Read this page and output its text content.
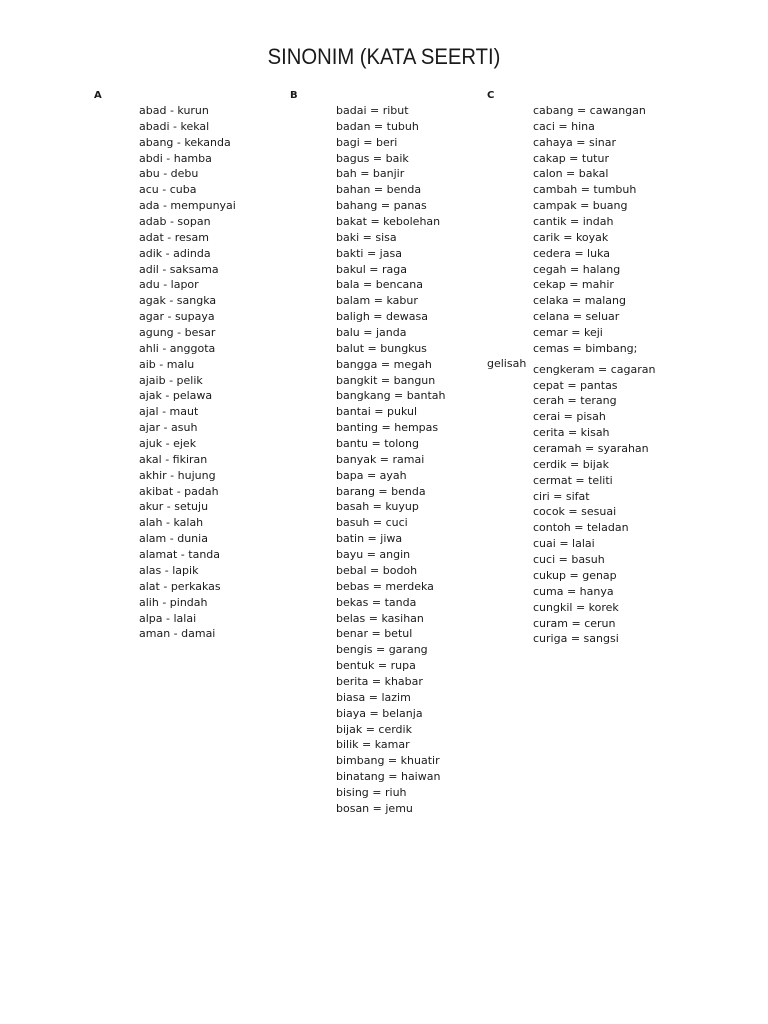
SINONIM (KATA SEERTI)
A	B	C
abad - kurun
abadi - kekal
abang - kekanda
abdi - hamba
abu - debu
acu - cuba
ada - mempunyai
adab - sopan
adat - resam
adik - adinda
adil - saksama
adu - lapor
agak - sangka
agar - supaya
agung - besar
ahli - anggota
aib - malu
ajaib - pelik
ajak - pelawa
ajal - maut
ajar - asuh
ajuk - ejek
akal - fikiran
akhir - hujung
akibat - padah
akur - setuju
alah - kalah
alam - dunia
alamat - tanda
alas - lapik
alat - perkakas
alih - pindah
alpa - lalai
aman - damai
badai = ribut
badan = tubuh
bagi = beri
bagus = baik
bah = banjir
bahan = benda
bahang = panas
bakat = kebolehan
baki = sisa
bakti = jasa
bakul = raga
bala = bencana
balam = kabur
baligh = dewasa
balu = janda
balut = bungkus
bangga = megah
bangkit = bangun
bangkang = bantah
bantai = pukul
banting = hempas
bantu = tolong
banyak = ramai
bapa = ayah
barang = benda
basah = kuyup
basuh = cuci
batin = jiwa
bayu = angin
bebal = bodoh
bebas = merdeka
bekas = tanda
belas = kasihan
benar = betul
bengis = garang
bentuk = rupa
berita = khabar
biasa = lazim
biaya = belanja
bijak = cerdik
bilik = kamar
bimbang = khuatir
binatang = haiwan
bising = riuh
bosan = jemu
cabang = cawangan
caci = hina
cahaya = sinar
cakap = tutur
calon = bakal
cambah = tumbuh
campak = buang
cantik = indah
carik = koyak
cedera = luka
cegah = halang
cekap = mahir
celaka = malang
celana = seluar
cemar = keji
cemas = bimbang;
cengkeram = cagaran
cepat = pantas
cerah = terang
cerai = pisah
cerita = kisah
ceramah = syarahan
cerdik = bijak
cermat = teliti
ciri = sifat
cocok = sesuai
contoh = teladan
cuai = lalai
cuci = basuh
cukup = genap
cuma = hanya
cungkil = korek
curam = cerun
curiga = sangsi
gelisah
